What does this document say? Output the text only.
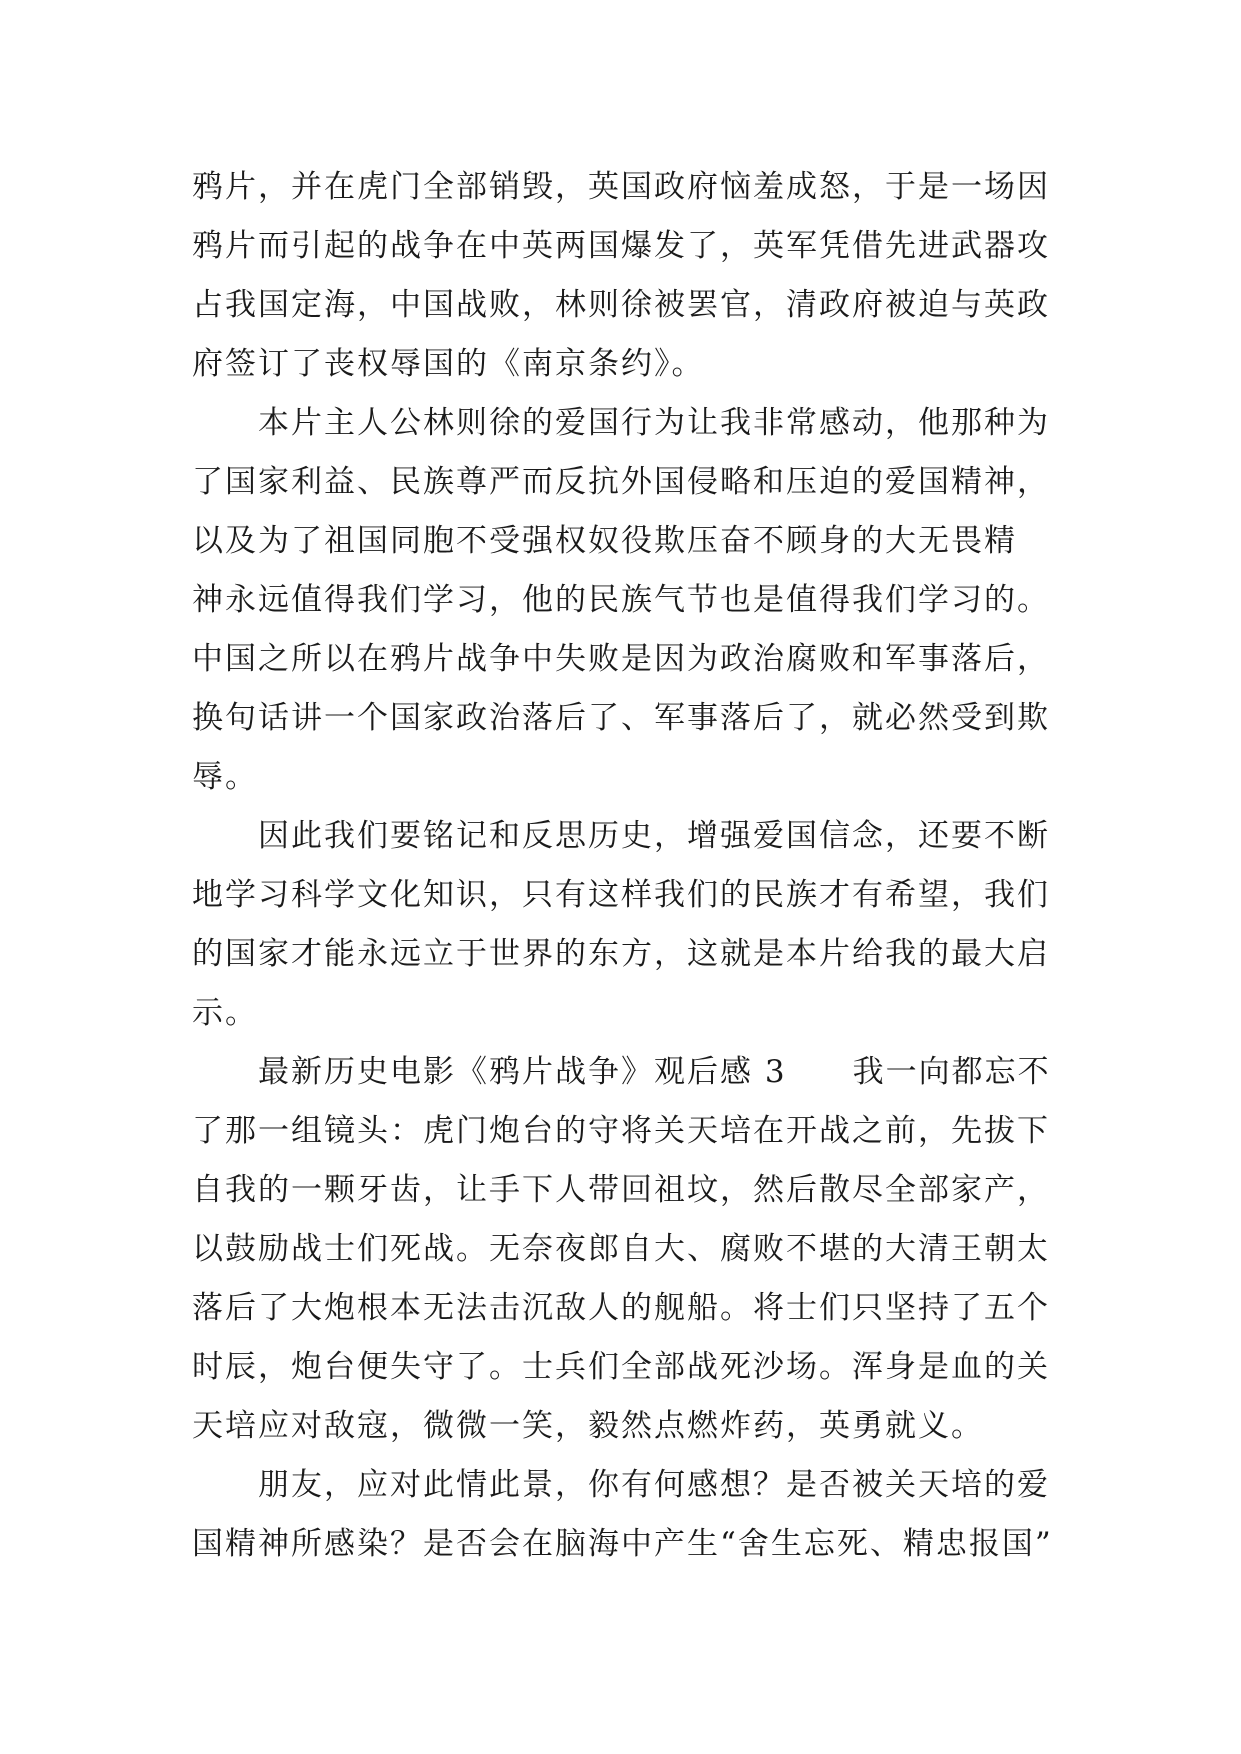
鸦片，并在虎门全部销毁，英国政府恼羞成怒，于是一场因
鸦片而引起的战争在中英两国爆发了，英军凭借先进武器攻
占我国定海，中国战败，林则徐被罢官，清政府被迫与英政
府签订了丧权辱国的《南京条约》。
　　本片主人公林则徐的爱国行为让我非常感动，他那种为
了国家利益、民族尊严而反抗外国侵略和压迫的爱国精神，
以及为了祖国同胞不受强权奴役欺压奋不顾身的大无畏精
神永远值得我们学习，他的民族气节也是值得我们学习的。
中国之所以在鸦片战争中失败是因为政治腐败和军事落后，
换句话讲一个国家政治落后了、军事落后了，就必然受到欺
辱。
　　因此我们要铭记和反思历史，增强爱国信念，还要不断
地学习科学文化知识，只有这样我们的民族才有希望，我们
的国家才能永远立于世界的东方，这就是本片给我的最大启
示。
　　最新历史电影《鸦片战争》观后感 3　　我一向都忘不
了那一组镜头：虎门炮台的守将关天培在开战之前，先拔下
自我的一颗牙齿，让手下人带回祖坟，然后散尽全部家产，
以鼓励战士们死战。无奈夜郎自大、腐败不堪的大清王朝太
落后了大炮根本无法击沉敌人的舰船。将士们只坚持了五个
时辰，炮台便失守了。士兵们全部战死沙场。浑身是血的关
天培应对敌寇，微微一笑，毅然点燃炸药，英勇就义。
　　朋友，应对此情此景，你有何感想？是否被关天培的爱
国精神所感染？是否会在脑海中产生“舍生忘死、精忠报国”
